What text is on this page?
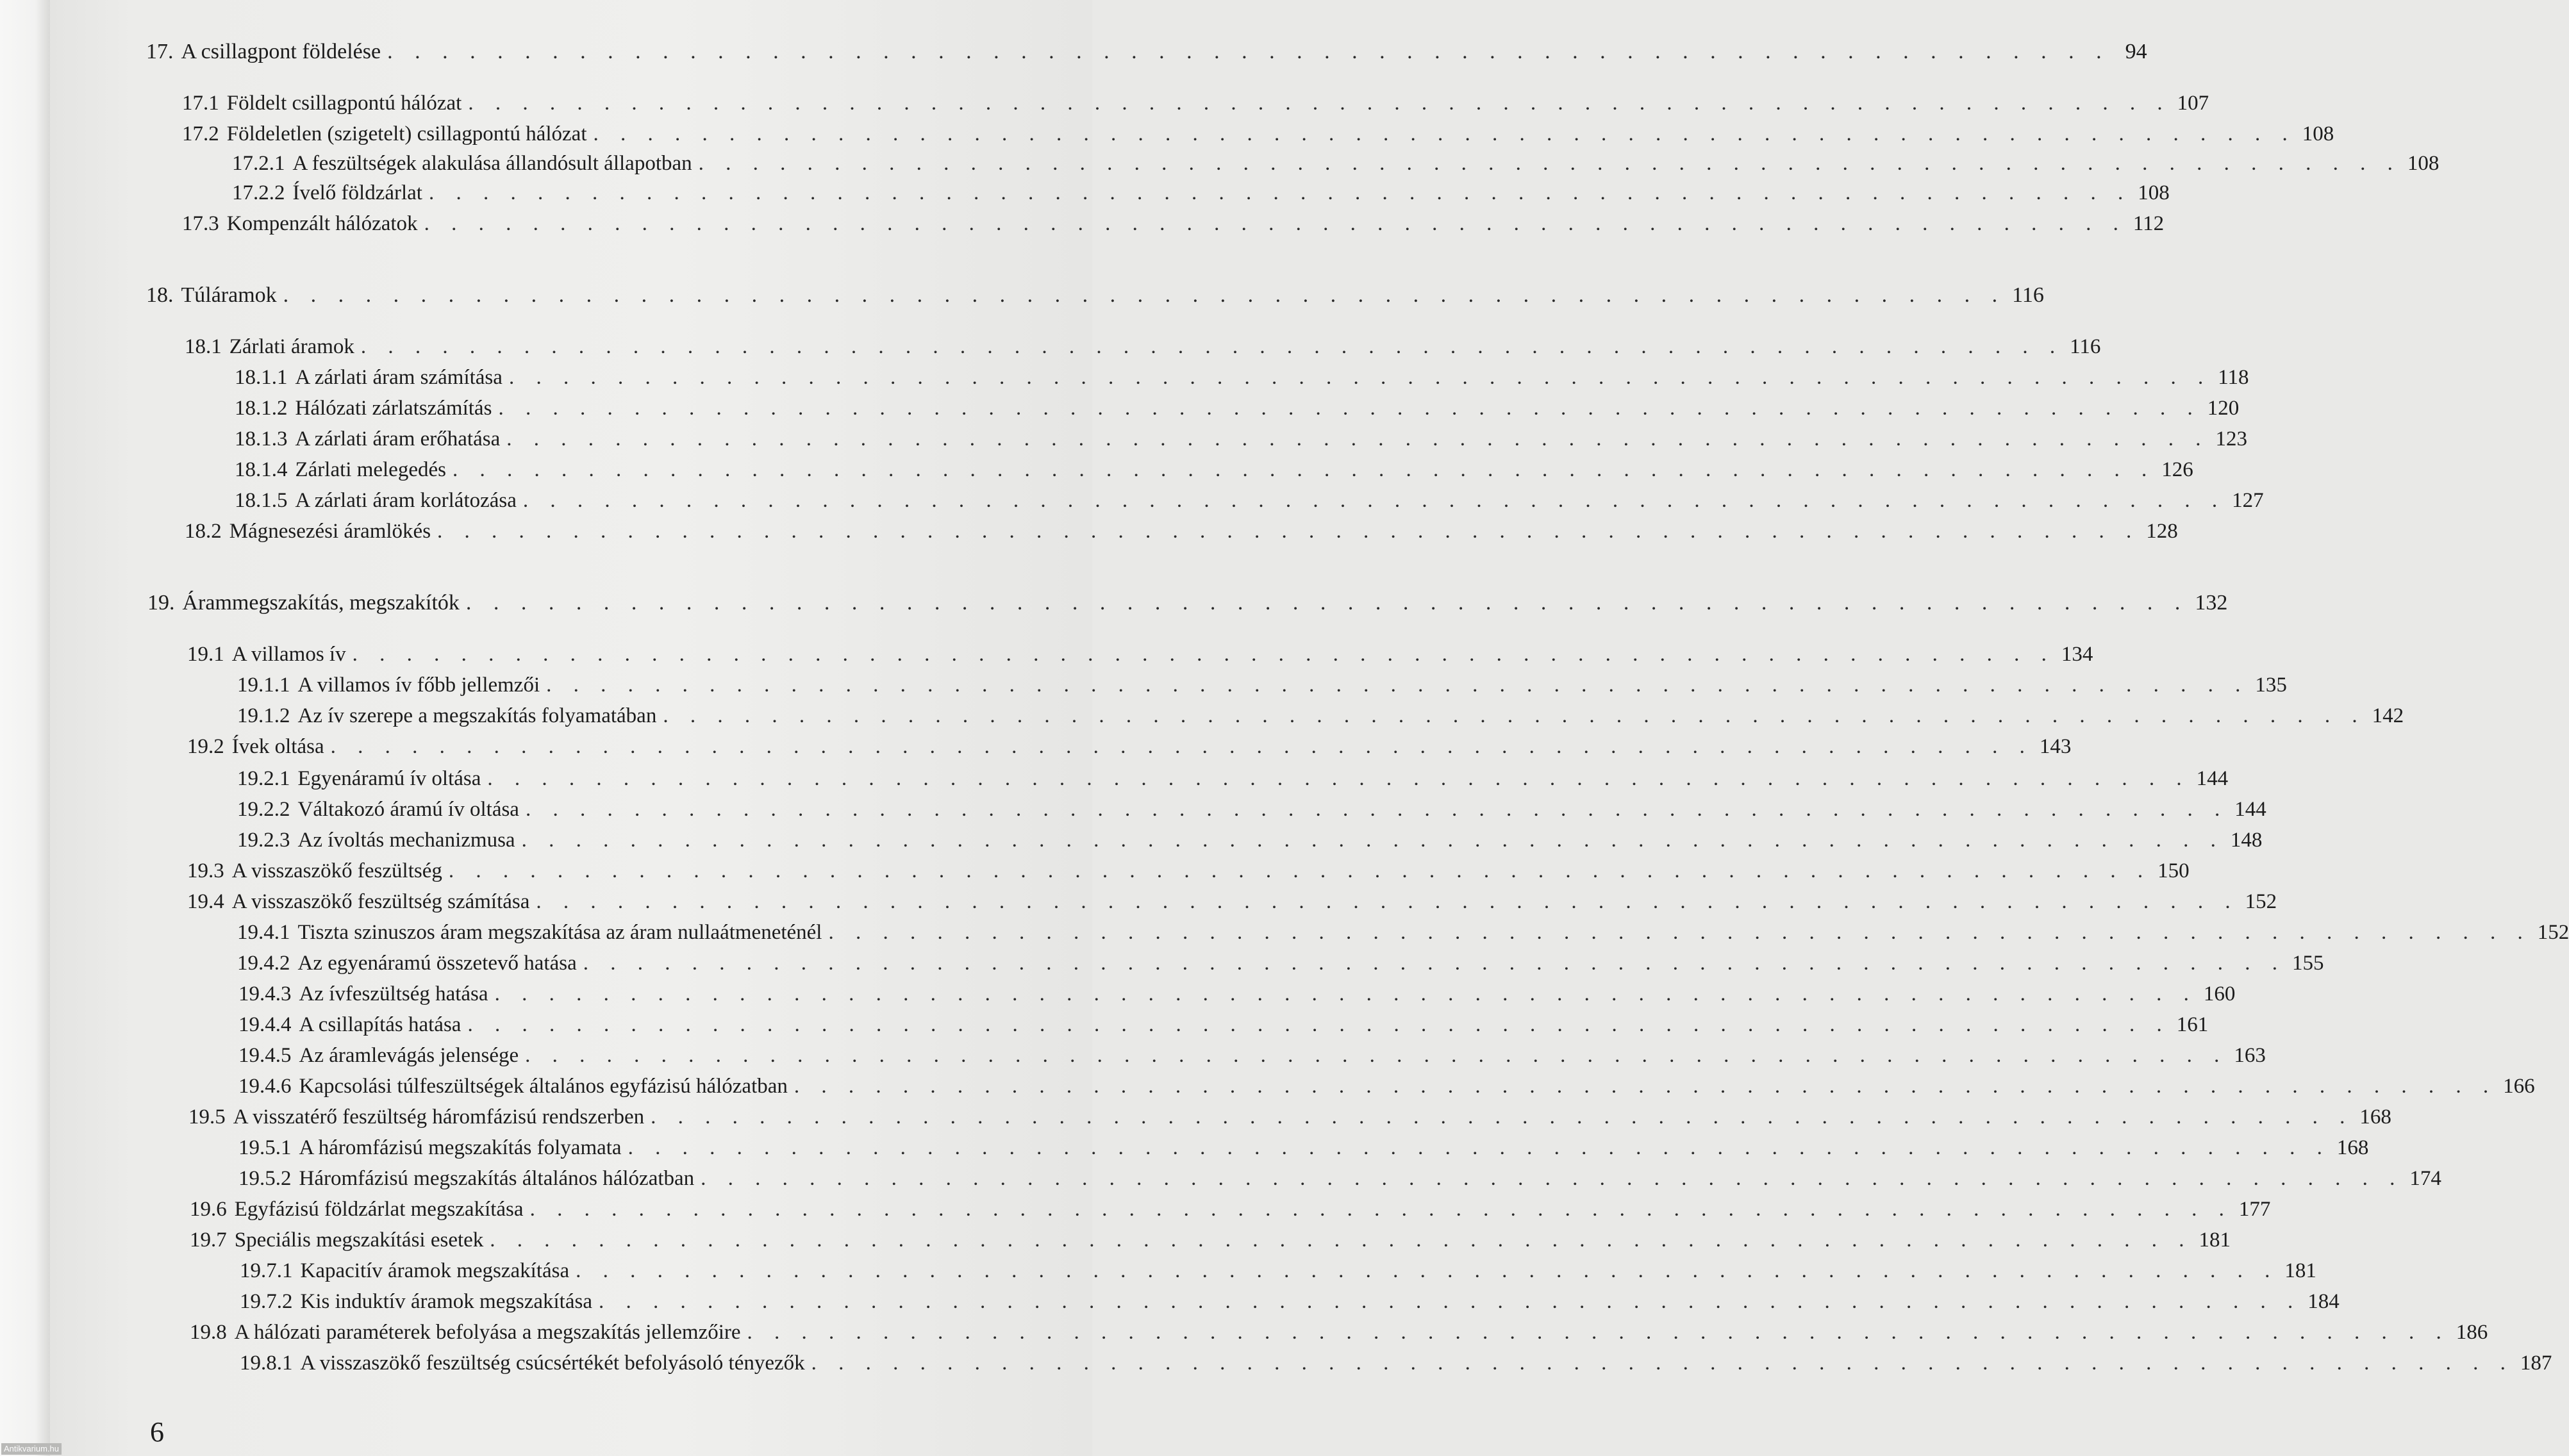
17. A csillagpont földelése . . . . . . . . . . . . . . . . . . . . . . . . . . . . . . . . . . . . . . . . . . . . . . . . . . . . . . . . . . . . . . . 94
17.1 Földelt csillagpontú hálózat . . . . . . . . . . . . . . . . . . . . . . . . . . . . . . . . . . . . . . . . . . . . . . . . . . . . . . . . . . . . . . . 107
17.2 Földeletlen (szigetelt) csillagpontú hálózat . . . . . . . . . . . . . . . . . . . . . . . . . . . . . . . . . . . . . . . . . . . . . . . . . . . . . . . . . . . . . . . 108
17.2.1 A feszültségek alakulása állandósult állapotban . . . . . . . . . . . . . . . . . . . . . . . . . . . . . . . . . . . . . . . . . . . . . . . . . . . . . . . . . . . . . . . 108
17.2.2 Ívelő földzárlat . . . . . . . . . . . . . . . . . . . . . . . . . . . . . . . . . . . . . . . . . . . . . . . . . . . . . . . . . . . . . . . 108
17.3 Kompenzált hálózatok . . . . . . . . . . . . . . . . . . . . . . . . . . . . . . . . . . . . . . . . . . . . . . . . . . . . . . . . . . . . . . . 112
18. Túláramok . . . . . . . . . . . . . . . . . . . . . . . . . . . . . . . . . . . . . . . . . . . . . . . . . . . . . . . . . . . . . . . 116
18.1 Zárlati áramok . . . . . . . . . . . . . . . . . . . . . . . . . . . . . . . . . . . . . . . . . . . . . . . . . . . . . . . . . . . . . . . 116
18.1.1 A zárlati áram számítása . . . . . . . . . . . . . . . . . . . . . . . . . . . . . . . . . . . . . . . . . . . . . . . . . . . . . . . . . . . . . . . 118
18.1.2 Hálózati zárlatszámítás . . . . . . . . . . . . . . . . . . . . . . . . . . . . . . . . . . . . . . . . . . . . . . . . . . . . . . . . . . . . . . . 120
18.1.3 A zárlati áram erőhatása . . . . . . . . . . . . . . . . . . . . . . . . . . . . . . . . . . . . . . . . . . . . . . . . . . . . . . . . . . . . . . . 123
18.1.4 Zárlati melegedés . . . . . . . . . . . . . . . . . . . . . . . . . . . . . . . . . . . . . . . . . . . . . . . . . . . . . . . . . . . . . . . 126
18.1.5 A zárlati áram korlátozása . . . . . . . . . . . . . . . . . . . . . . . . . . . . . . . . . . . . . . . . . . . . . . . . . . . . . . . . . . . . . . . 127
18.2 Mágnesezési áramlökés . . . . . . . . . . . . . . . . . . . . . . . . . . . . . . . . . . . . . . . . . . . . . . . . . . . . . . . . . . . . . . . 128
19. Árammegszakítás, megszakítók . . . . . . . . . . . . . . . . . . . . . . . . . . . . . . . . . . . . . . . . . . . . . . . . . . . . . . . . . . . . . . . 132
19.1 A villamos ív . . . . . . . . . . . . . . . . . . . . . . . . . . . . . . . . . . . . . . . . . . . . . . . . . . . . . . . . . . . . . . . 134
19.1.1 A villamos ív főbb jellemzői . . . . . . . . . . . . . . . . . . . . . . . . . . . . . . . . . . . . . . . . . . . . . . . . . . . . . . . . . . . . . . . 135
19.1.2 Az ív szerepe a megszakítás folyamatában . . . . . . . . . . . . . . . . . . . . . . . . . . . . . . . . . . . . . . . . . . . . . . . . . . . . . . . . . . . . . . . 142
19.2 Ívek oltása . . . . . . . . . . . . . . . . . . . . . . . . . . . . . . . . . . . . . . . . . . . . . . . . . . . . . . . . . . . . . . . 143
19.2.1 Egyenáramú ív oltása . . . . . . . . . . . . . . . . . . . . . . . . . . . . . . . . . . . . . . . . . . . . . . . . . . . . . . . . . . . . . . . 144
19.2.2 Váltakozó áramú ív oltása . . . . . . . . . . . . . . . . . . . . . . . . . . . . . . . . . . . . . . . . . . . . . . . . . . . . . . . . . . . . . . . 144
19.2.3 Az ívoltás mechanizmusa . . . . . . . . . . . . . . . . . . . . . . . . . . . . . . . . . . . . . . . . . . . . . . . . . . . . . . . . . . . . . . . 148
19.3 A visszaszökő feszültség . . . . . . . . . . . . . . . . . . . . . . . . . . . . . . . . . . . . . . . . . . . . . . . . . . . . . . . . . . . . . . . 150
19.4 A visszaszökő feszültség számítása . . . . . . . . . . . . . . . . . . . . . . . . . . . . . . . . . . . . . . . . . . . . . . . . . . . . . . . . . . . . . . . 152
19.4.1 Tiszta szinuszos áram megszakítása az áram nullaátmeneténél . . . . . . . . . . . . . . . . . . . . . . . . . . . . . . . . . . . . . . . . . . . . . . . . . . . . . . . . . . . . . . . 152
19.4.2 Az egyenáramú összetevő hatása . . . . . . . . . . . . . . . . . . . . . . . . . . . . . . . . . . . . . . . . . . . . . . . . . . . . . . . . . . . . . . . 155
19.4.3 Az ívfeszültség hatása . . . . . . . . . . . . . . . . . . . . . . . . . . . . . . . . . . . . . . . . . . . . . . . . . . . . . . . . . . . . . . . 160
19.4.4 A csillapítás hatása . . . . . . . . . . . . . . . . . . . . . . . . . . . . . . . . . . . . . . . . . . . . . . . . . . . . . . . . . . . . . . . 161
19.4.5 Az áramlevágás jelensége . . . . . . . . . . . . . . . . . . . . . . . . . . . . . . . . . . . . . . . . . . . . . . . . . . . . . . . . . . . . . . . 163
19.4.6 Kapcsolási túlfeszültségek általános egyfázisú hálózatban . . . . . . . . . . . . . . . . . . . . . . . . . . . . . . . . . . . . . . . . . . . . . . . . . . . . . . . . . . . . . . . 166
19.5 A visszatérő feszültség háromfázisú rendszerben . . . . . . . . . . . . . . . . . . . . . . . . . . . . . . . . . . . . . . . . . . . . . . . . . . . . . . . . . . . . . . . 168
19.5.1 A háromfázisú megszakítás folyamata . . . . . . . . . . . . . . . . . . . . . . . . . . . . . . . . . . . . . . . . . . . . . . . . . . . . . . . . . . . . . . . 168
19.5.2 Háromfázisú megszakítás általános hálózatban . . . . . . . . . . . . . . . . . . . . . . . . . . . . . . . . . . . . . . . . . . . . . . . . . . . . . . . . . . . . . . . 174
19.6 Egyfázisú földzárlat megszakítása . . . . . . . . . . . . . . . . . . . . . . . . . . . . . . . . . . . . . . . . . . . . . . . . . . . . . . . . . . . . . . . 177
19.7 Speciális megszakítási esetek . . . . . . . . . . . . . . . . . . . . . . . . . . . . . . . . . . . . . . . . . . . . . . . . . . . . . . . . . . . . . . . 181
19.7.1 Kapacitív áramok megszakítása . . . . . . . . . . . . . . . . . . . . . . . . . . . . . . . . . . . . . . . . . . . . . . . . . . . . . . . . . . . . . . . 181
19.7.2 Kis induktív áramok megszakítása . . . . . . . . . . . . . . . . . . . . . . . . . . . . . . . . . . . . . . . . . . . . . . . . . . . . . . . . . . . . . . . 184
19.8 A hálózati paraméterek befolyása a megszakítás jellemzőire . . . . . . . . . . . . . . . . . . . . . . . . . . . . . . . . . . . . . . . . . . . . . . . . . . . . . . . . . . . . . . . 186
19.8.1 A visszaszökő feszültség csúcsértékét befolyásoló tényezők . . . . . . . . . . . . . . . . . . . . . . . . . . . . . . . . . . . . . . . . . . . . . . . . . . . . . . . . . . . . . . . 187
6
Antikvarium.hu
